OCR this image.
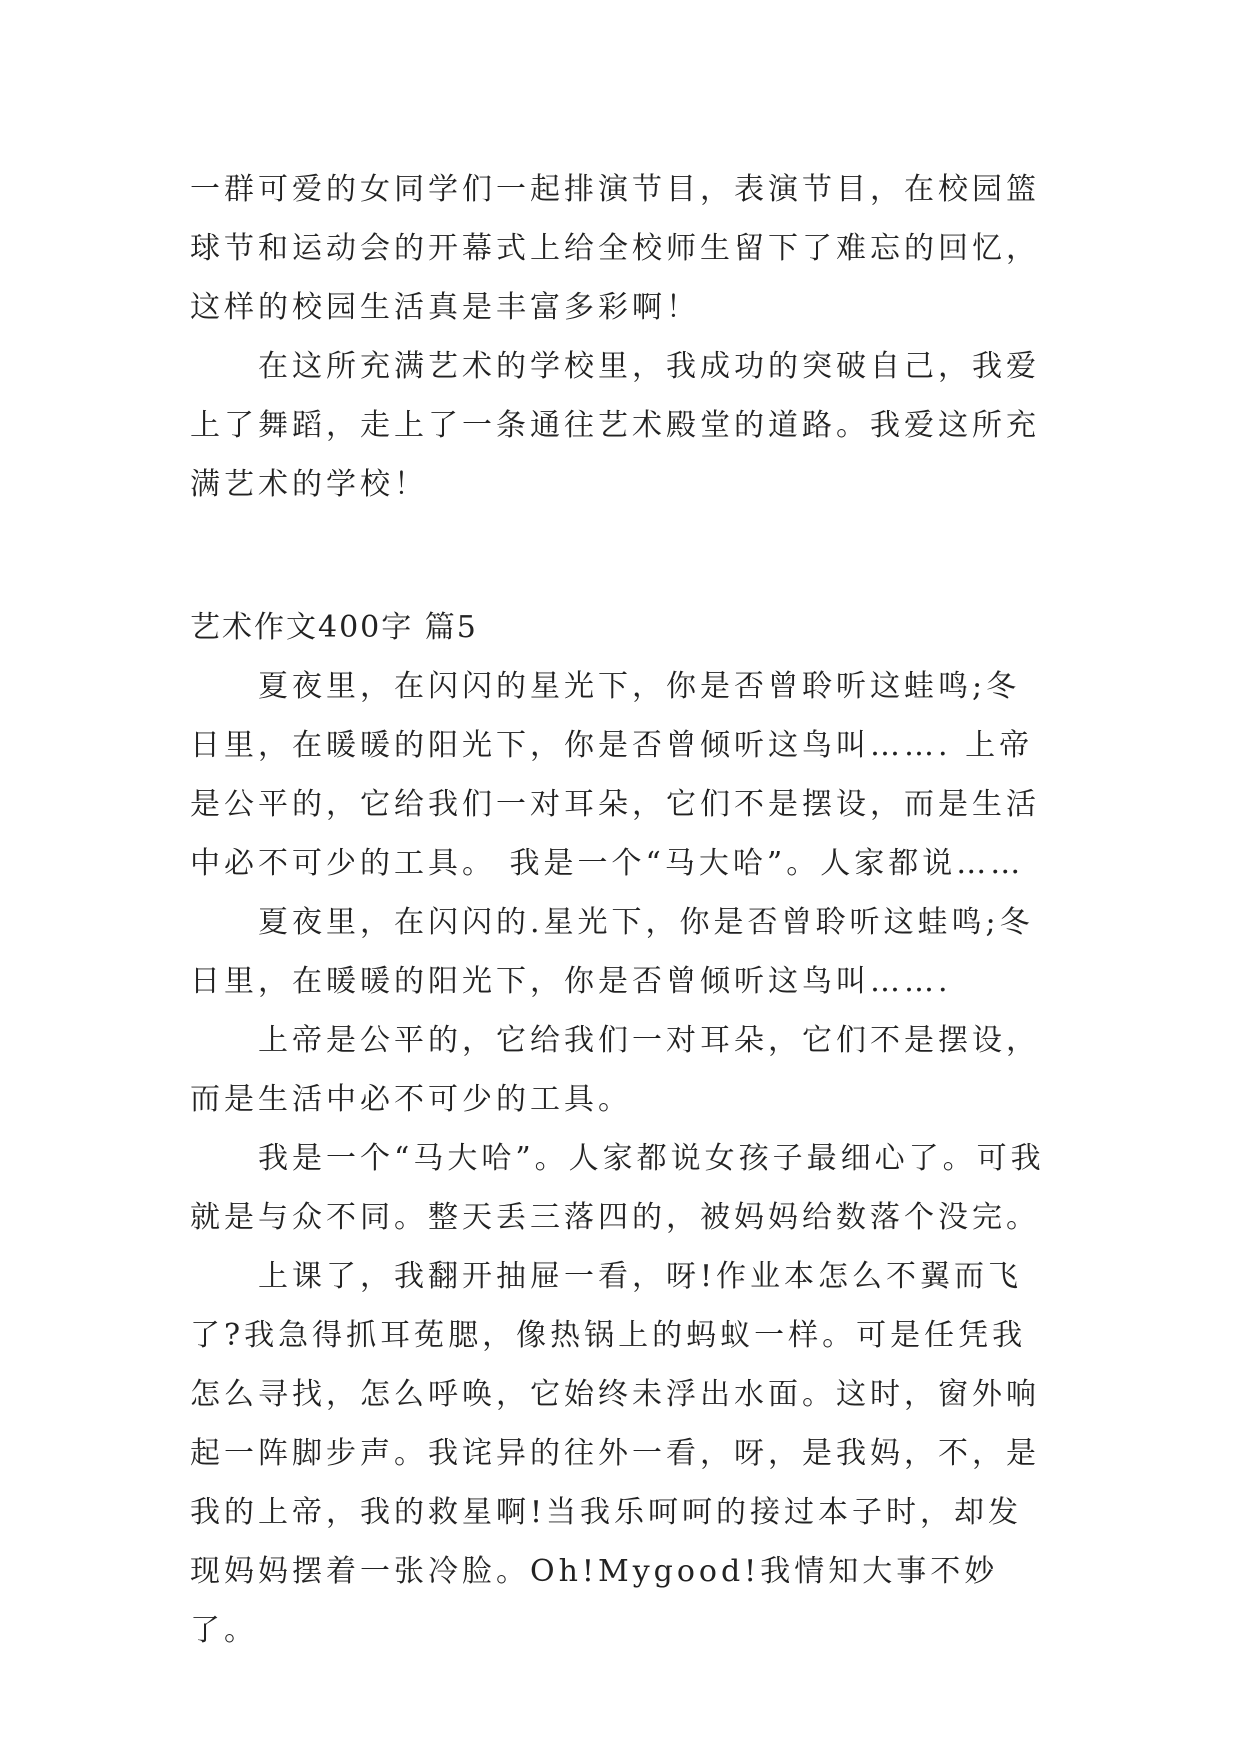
一群可爱的女同学们一起排演节目，表演节目，在校园篮球节和运动会的开幕式上给全校师生留下了难忘的回忆，这样的校园生活真是丰富多彩啊！

在这所充满艺术的学校里，我成功的突破自己，我爱上了舞蹈，走上了一条通往艺术殿堂的道路。我爱这所充满艺术的学校！

艺术作文400字 篇5

夏夜里，在闪闪的星光下，你是否曾聆听这蛙鸣;冬日里，在暖暖的阳光下，你是否曾倾听这鸟叫……. 上帝是公平的，它给我们一对耳朵，它们不是摆设，而是生活中必不可少的工具。 我是一个“马大哈”。人家都说……

夏夜里，在闪闪的.星光下，你是否曾聆听这蛙鸣;冬日里，在暖暖的阳光下，你是否曾倾听这鸟叫…….

上帝是公平的，它给我们一对耳朵，它们不是摆设，而是生活中必不可少的工具。

我是一个“马大哈”。人家都说女孩子最细心了。可我就是与众不同。整天丢三落四的，被妈妈给数落个没完。

上课了，我翻开抽屉一看，呀!作业本怎么不翼而飞了?我急得抓耳莬腮，像热锅上的蚂蚁一样。可是任凭我怎么寻找，怎么呼唤，它始终未浮出水面。这时，窗外响起一阵脚步声。我诧异的往外一看，呀，是我妈，不，是我的上帝，我的救星啊!当我乐呵呵的接过本子时，却发现妈妈摆着一张冷脸。Oh!Mygood!我情知大事不妙了。
